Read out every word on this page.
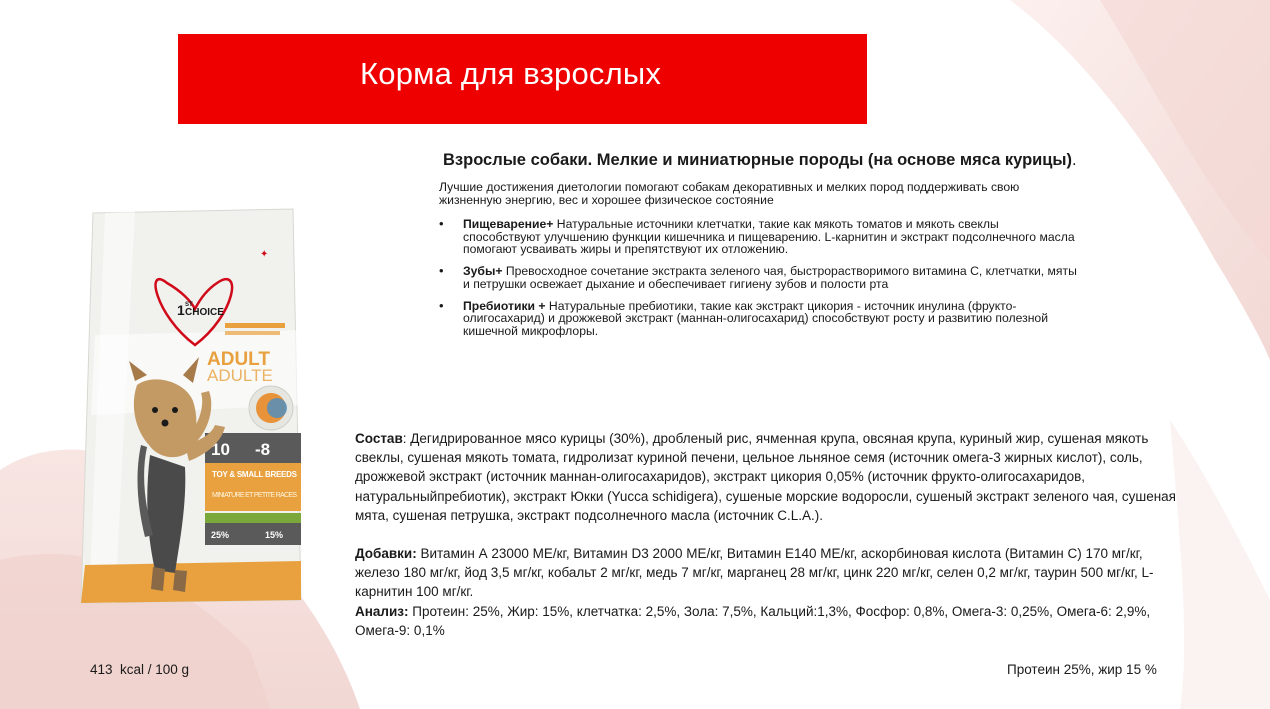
Корма для взрослых
1 ST
CHOICE
✦
ADULT
ADULTE
10 -8
TOY & SMALL BREEDS
MINIATURE ET PETITE RACES
25%	15%

Взрослые собаки. Мелкие и миниатюрные породы (на основе мяса курицы).

Лучшие достижения диетологии помогают собакам декоративных и мелких пород поддерживать свою жизненную энергию, вес и хорошее физическое состояние

• Пищеварение+ Натуральные источники клетчатки, такие как мякоть томатов и мякоть свеклы способствуют улучшению функции кишечника и пищеварению. L-карнитин и экстракт подсолнечного масла помогают усваивать жиры и препятствуют их отложению.
• Зубы+ Превосходное сочетание экстракта зеленого чая, быстрорастворимого витамина С, клетчатки, мяты и петрушки освежает дыхание и обеспечивает гигиену зубов и полости рта
• Пребиотики + Натуральные пребиотики, такие как экстракт цикория - источник инулина (фрукто-олигосахарид) и дрожжевой экстракт (маннан-олигосахарид) способствуют росту и развитию полезной кишечной микрофлоры.

Состав: Дегидрированное мясо курицы (30%), дробленый рис, ячменная крупа, овсяная крупа, куриный жир, сушеная мякоть свеклы, сушеная мякоть томата, гидролизат куриной печени, цельное льняное семя (источник омега-3 жирных кислот), соль, дрожжевой экстракт (источник маннан-олигосахаридов), экстракт цикория 0,05% (источник фрукто-олигосахаридов, натуральныйпребиотик), экстракт Юкки (Yucca schidigera), сушеные морские водоросли, сушеный экстракт зеленого чая, сушеная мята, сушеная петрушка, экстракт подсолнечного масла (источник C.L.A.).

Добавки: Витамин А 23000 МЕ/кг, Витамин D3 2000 МЕ/кг, Витамин E140 МЕ/кг, аскорбиновая кислота (Витамин С) 170 мг/кг, железо 180 мг/кг, йод 3,5 мг/кг, кобальт 2 мг/кг, медь 7 мг/кг, марганец 28 мг/кг, цинк 220 мг/кг, селен 0,2 мг/кг, таурин 500 мг/кг, L-карнитин 100 мг/кг.

Анализ: Протеин: 25%, Жир: 15%, клетчатка: 2,5%, Зола: 7,5%, Кальций:1,3%, Фосфор: 0,8%, Омега-3: 0,25%, Омега-6: 2,9%, Омега-9: 0,1%

413  kcal / 100 g	Протеин 25%, жир 15 %
